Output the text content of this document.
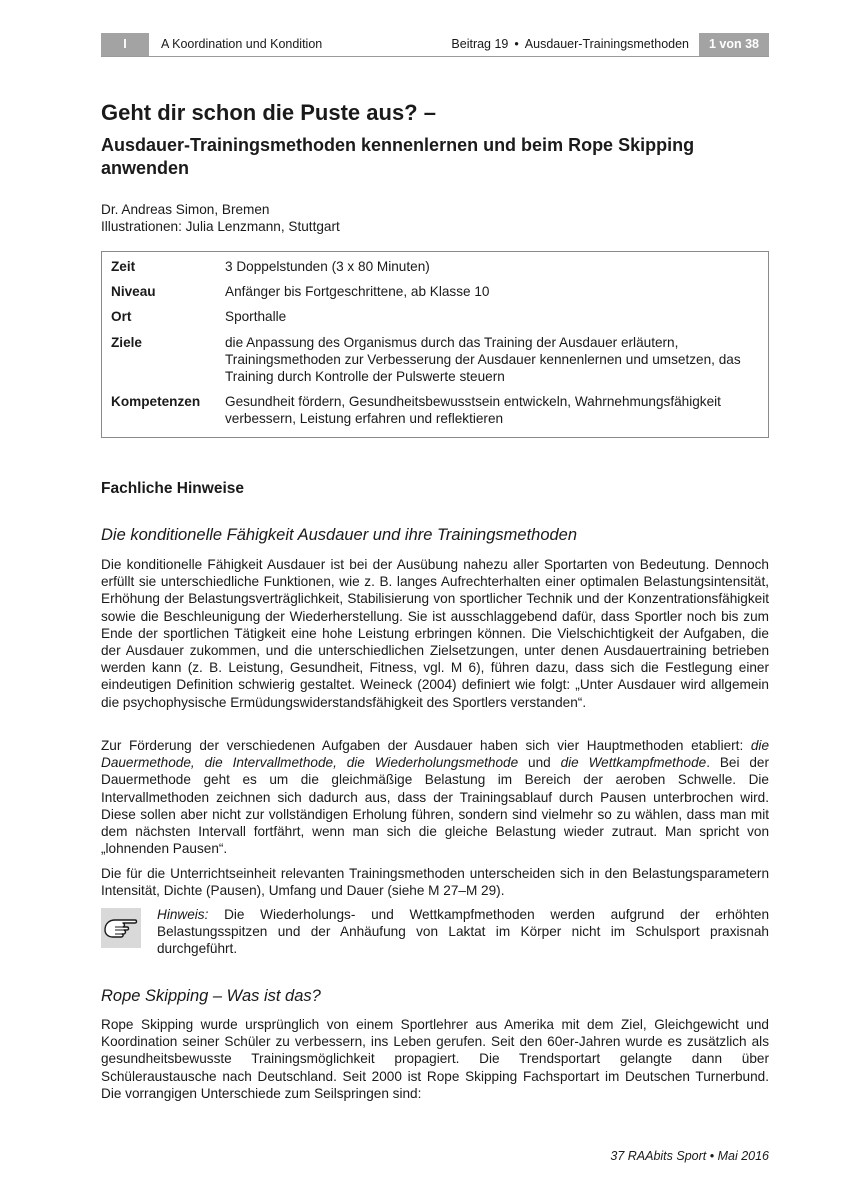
I	A Koordination und Kondition	Beitrag 19 • Ausdauer-Trainingsmethoden	1 von 38
Geht dir schon die Puste aus? –
Ausdauer-Trainingsmethoden kennenlernen und beim Rope Skipping anwenden
Dr. Andreas Simon, Bremen
Illustrationen: Julia Lenzmann, Stuttgart
Zeit	3 Doppelstunden (3 x 80 Minuten)
Niveau	Anfänger bis Fortgeschrittene, ab Klasse 10
Ort	Sporthalle
Ziele	die Anpassung des Organismus durch das Training der Ausdauer erläutern, Trainingsmethoden zur Verbesserung der Ausdauer kennenlernen und umsetzen, das Training durch Kontrolle der Pulswerte steuern
Kompetenzen	Gesundheit fördern, Gesundheitsbewusstsein entwickeln, Wahrnehmungsfähigkeit verbessern, Leistung erfahren und reflektieren
Fachliche Hinweise
Die konditionelle Fähigkeit Ausdauer und ihre Trainingsmethoden

Die konditionelle Fähigkeit Ausdauer ist bei der Ausübung nahezu aller Sportarten von Bedeutung. Dennoch erfüllt sie unterschiedliche Funktionen, wie z. B. langes Aufrechterhalten einer optimalen Belastungsintensität, Erhöhung der Belastungsverträglichkeit, Stabilisierung von sportlicher Technik und der Konzentrationsfähigkeit sowie die Beschleunigung der Wiederherstellung. Sie ist ausschlaggebend dafür, dass Sportler noch bis zum Ende der sportlichen Tätigkeit eine hohe Leistung erbringen können. Die Vielschichtigkeit der Aufgaben, die der Ausdauer zukommen, und die unterschiedlichen Zielsetzungen, unter denen Ausdauertraining betrieben werden kann (z. B. Leistung, Gesundheit, Fitness, vgl. M 6), führen dazu, dass sich die Festlegung einer eindeutigen Definition schwierig gestaltet. Weineck (2004) definiert wie folgt: „Unter Ausdauer wird allgemein die psychophysische Ermüdungswiderstandsfähigkeit des Sportlers verstanden“.

Zur Förderung der verschiedenen Aufgaben der Ausdauer haben sich vier Hauptmethoden etabliert: die Dauermethode, die Intervallmethode, die Wiederholungsmethode und die Wettkampfmethode. Bei der Dauermethode geht es um die gleichmäßige Belastung im Bereich der aeroben Schwelle. Die Intervallmethoden zeichnen sich dadurch aus, dass der Trainingsablauf durch Pausen unterbrochen wird. Diese sollen aber nicht zur vollständigen Erholung führen, sondern sind vielmehr so zu wählen, dass man mit dem nächsten Intervall fortfährt, wenn man sich die gleiche Belastung wieder zutraut. Man spricht von „lohnenden Pausen“.

Die für die Unterrichtseinheit relevanten Trainingsmethoden unterscheiden sich in den Belastungsparametern Intensität, Dichte (Pausen), Umfang und Dauer (siehe M 27–M 29).

Hinweis: Die Wiederholungs- und Wettkampfmethoden werden aufgrund der erhöhten Belastungsspitzen und der Anhäufung von Laktat im Körper nicht im Schulsport praxisnah durchgeführt.
Rope Skipping – Was ist das?

Rope Skipping wurde ursprünglich von einem Sportlehrer aus Amerika mit dem Ziel, Gleichgewicht und Koordination seiner Schüler zu verbessern, ins Leben gerufen. Seit den 60er-Jahren wurde es zusätzlich als gesundheitsbewusste Trainingsmöglichkeit propagiert. Die Trendsportart gelangte dann über Schüleraustausche nach Deutschland. Seit 2000 ist Rope Skipping Fachsportart im Deutschen Turnerbund. Die vorrangigen Unterschiede zum Seilspringen sind:

37 RAAbits Sport • Mai 2016
